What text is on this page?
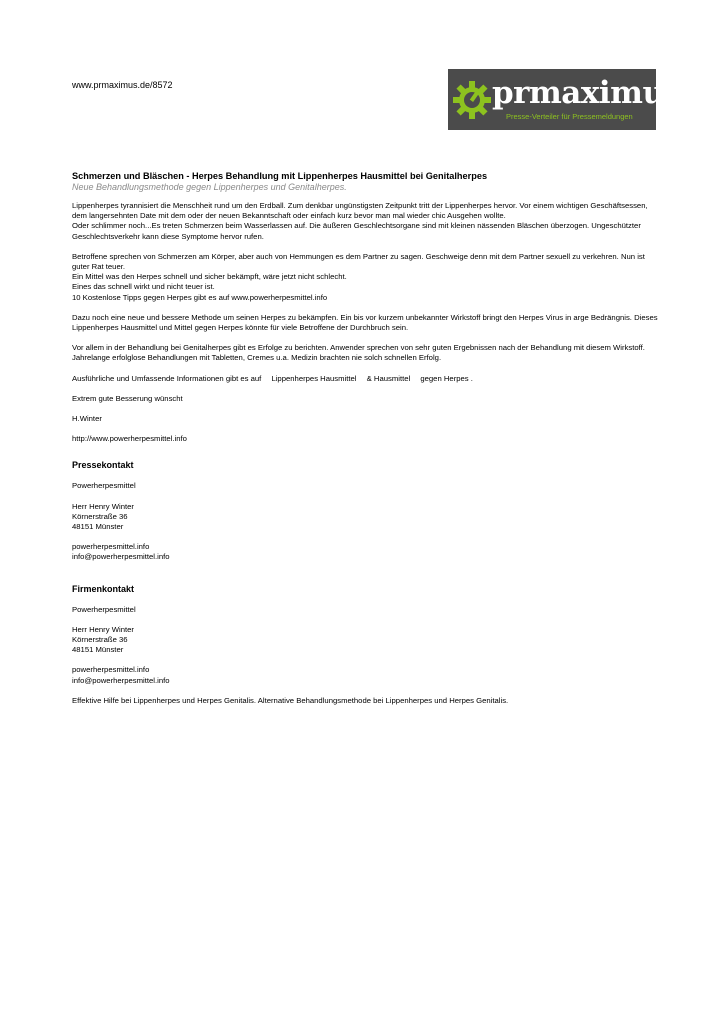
www.prmaximus.de/8572	prmaximus®
Presse-Verteiler für Pressemeldungen

Schmerzen und Bläschen - Herpes Behandlung mit Lippenherpes Hausmittel bei Genitalherpes

Neue Behandlungsmethode gegen Lippenherpes und Genitalherpes.

Lippenherpes tyrannisiert die Menschheit rund um den Erdball. Zum denkbar ungünstigsten Zeitpunkt tritt der Lippenherpes hervor. Vor einem wichtigen Geschäftsessen, dem langersehnten Date mit dem oder der neuen Bekanntschaft oder einfach kurz bevor man mal wieder chic Ausgehen wollte.
Oder schlimmer noch...Es treten Schmerzen beim Wasserlassen auf. Die äußeren Geschlechtsorgane sind mit kleinen nässenden Bläschen überzogen. Ungeschützter Geschlechtsverkehr kann diese Symptome hervor rufen.
Betroffene sprechen von Schmerzen am Körper, aber auch von Hemmungen es dem Partner zu sagen. Geschweige denn mit dem Partner sexuell zu verkehren. Nun ist guter Rat teuer.
Ein Mittel was den Herpes schnell und sicher bekämpft, wäre jetzt nicht schlecht.
Eines das schnell wirkt und nicht teuer ist.
10 Kostenlose Tipps gegen Herpes gibt es auf www.powerherpesmittel.info
Dazu noch eine neue und bessere Methode um seinen Herpes zu bekämpfen. Ein bis vor kurzem unbekannter Wirkstoff bringt den Herpes Virus in arge Bedrängnis. Dieses Lippenherpes Hausmittel und Mittel gegen Herpes könnte für viele Betroffene der Durchbruch sein.
Vor allem in der Behandlung bei Genitalherpes gibt es Erfolge zu berichten. Anwender sprechen von sehr guten Ergebnissen nach der Behandlung mit diesem Wirkstoff. Jahrelange erfolglose Behandlungen mit Tabletten, Cremes u.a. Medizin brachten nie solch schnellen Erfolg.
Ausführliche und Umfassende Informationen gibt es auf Lippenherpes Hausmittel & Hausmittel gegen Herpes .
Extrem gute Besserung wünscht
H.Winter
http://www.powerherpesmittel.info
Pressekontakt
Powerherpesmittel
Herr Henry Winter
Körnerstraße 36
48151 Münster
powerherpesmittel.info
info@powerherpesmittel.info
Firmenkontakt
Powerherpesmittel
Herr Henry Winter
Körnerstraße 36
48151 Münster
powerherpesmittel.info
info@powerherpesmittel.info
Effektive Hilfe bei Lippenherpes und Herpes Genitalis. Alternative Behandlungsmethode bei Lippenherpes und Herpes Genitalis.
